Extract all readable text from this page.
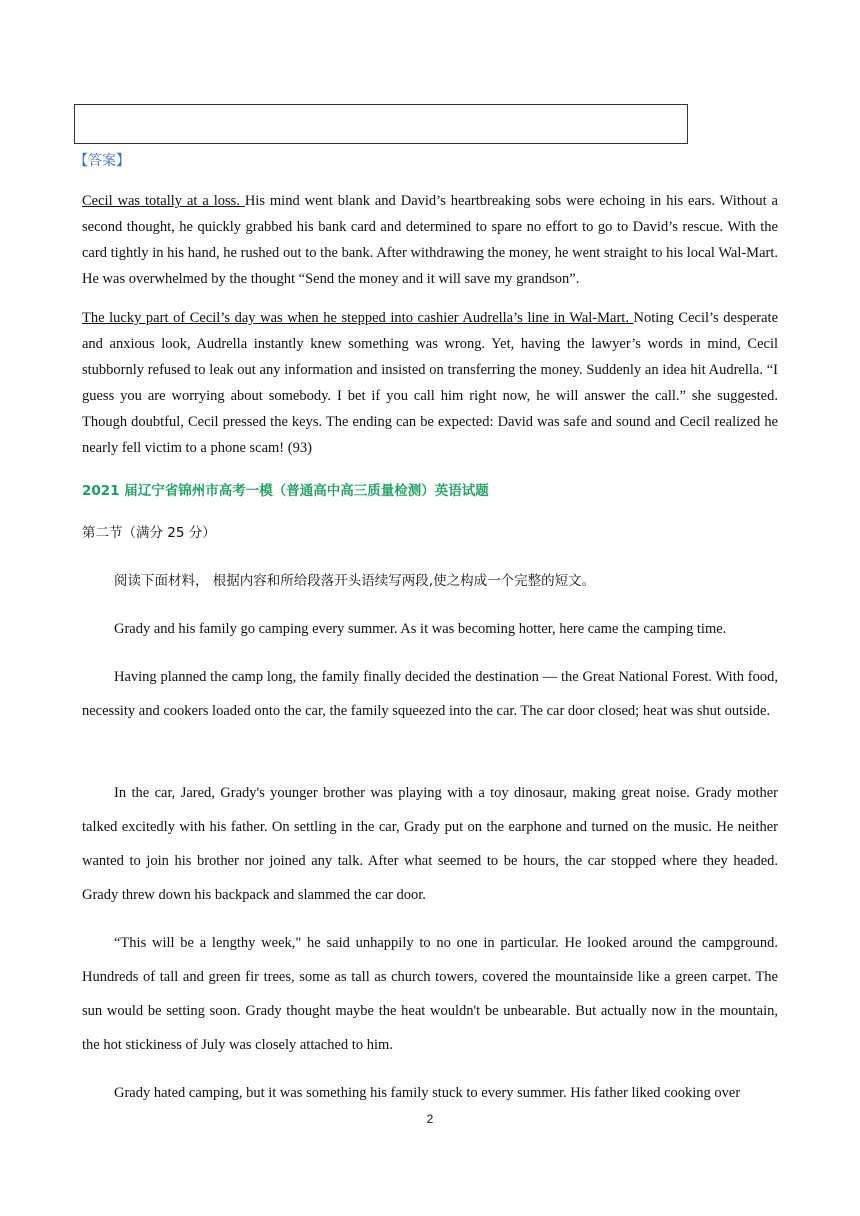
【答案】

Cecil was totally at a loss. His mind went blank and David’s heartbreaking sobs were echoing in his ears. Without a second thought, he quickly grabbed his bank card and determined to spare no effort to go to David’s rescue. With the card tightly in his hand, he rushed out to the bank. After withdrawing the money, he went straight to his local Wal-Mart. He was overwhelmed by the thought “Send the money and it will save my grandson”.

The lucky part of Cecil’s day was when he stepped into cashier Audrella’s line in Wal-Mart. Noting Cecil’s desperate and anxious look, Audrella instantly knew something was wrong. Yet, having the lawyer’s words in mind, Cecil stubbornly refused to leak out any information and insisted on transferring the money. Suddenly an idea hit Audrella. “I guess you are worrying about somebody. I bet if you call him right now, he will answer the call.” she suggested. Though doubtful, Cecil pressed the keys. The ending can be expected: David was safe and sound and Cecil realized he nearly fell victim to a phone scam! (93)

2021 届辽宁省锦州市高考一模（普通高中高三质量检测）英语试题

第二节（满分 25 分）

阅读下面材料， 根据内容和所给段落开头语续写两段,使之构成一个完整的短文。

Grady and his family go camping every summer. As it was becoming hotter, here came the camping time.

Having planned the camp long, the family finally decided the destination — the Great National Forest. With food, necessity and cookers loaded onto the car, the family squeezed into the car. The car door closed; heat was shut outside.

In the car, Jared, Grady's younger brother was playing with a toy dinosaur, making great noise. Grady mother talked excitedly with his father. On settling in the car, Grady put on the earphone and turned on the music. He neither wanted to join his brother nor joined any talk. After what seemed to be hours, the car stopped where they headed. Grady threw down his backpack and slammed the car door.

“This will be a lengthy week," he said unhappily to no one in particular. He looked around the campground. Hundreds of tall and green fir trees, some as tall as church towers, covered the mountainside like a green carpet. The sun would be setting soon. Grady thought maybe the heat wouldn't be unbearable. But actually now in the mountain, the hot stickiness of July was closely attached to him.

Grady hated camping, but it was something his family stuck to every summer. His father liked cooking over

2
